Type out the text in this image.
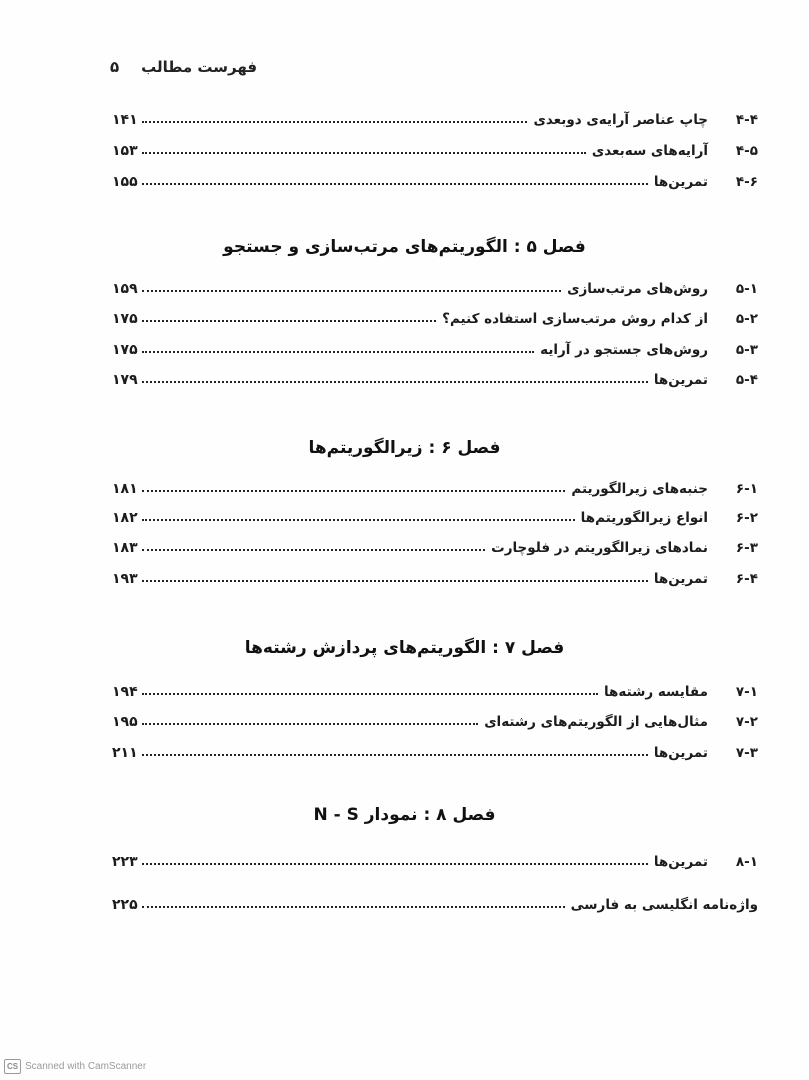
فهرست مطالب
۵
۴-۴
چاپ عناصر آرایه‌ی دوبعدی
۱۴۱
۵-۴
آرایه‌های سه‌بعدی
۱۵۳
۶-۴
تمرین‌ها
۱۵۵
فصل ۵ : الگوریتم‌های مرتب‌سازی و جستجو
۱-۵
روش‌های مرتب‌سازی
۱۵۹
۲-۵
از کدام روش مرتب‌سازی استفاده کنیم؟
۱۷۵
۳-۵
روش‌های جستجو در آرایه
۱۷۵
۴-۵
تمرین‌ها
۱۷۹
فصل ۶ : زیرالگوریتم‌ها
۱-۶
جنبه‌های زیرالگوریتم
۱۸۱
۲-۶
انواع زیرالگوریتم‌ها
۱۸۲
۳-۶
نمادهای زیرالگوریتم در فلوچارت
۱۸۳
۴-۶
تمرین‌ها
۱۹۳
فصل ۷ : الگوریتم‌های پردازش رشته‌ها
۱-۷
مقایسه رشته‌ها
۱۹۴
۲-۷
مثال‌هایی از الگوریتم‌های رشته‌ای
۱۹۵
۳-۷
تمرین‌ها
۲۱۱
فصل ۸ : نمودار N - S
۱-۸
تمرین‌ها
۲۲۳
واژه‌نامه انگلیسی به فارسی
۲۲۵
CS Scanned with CamScanner
